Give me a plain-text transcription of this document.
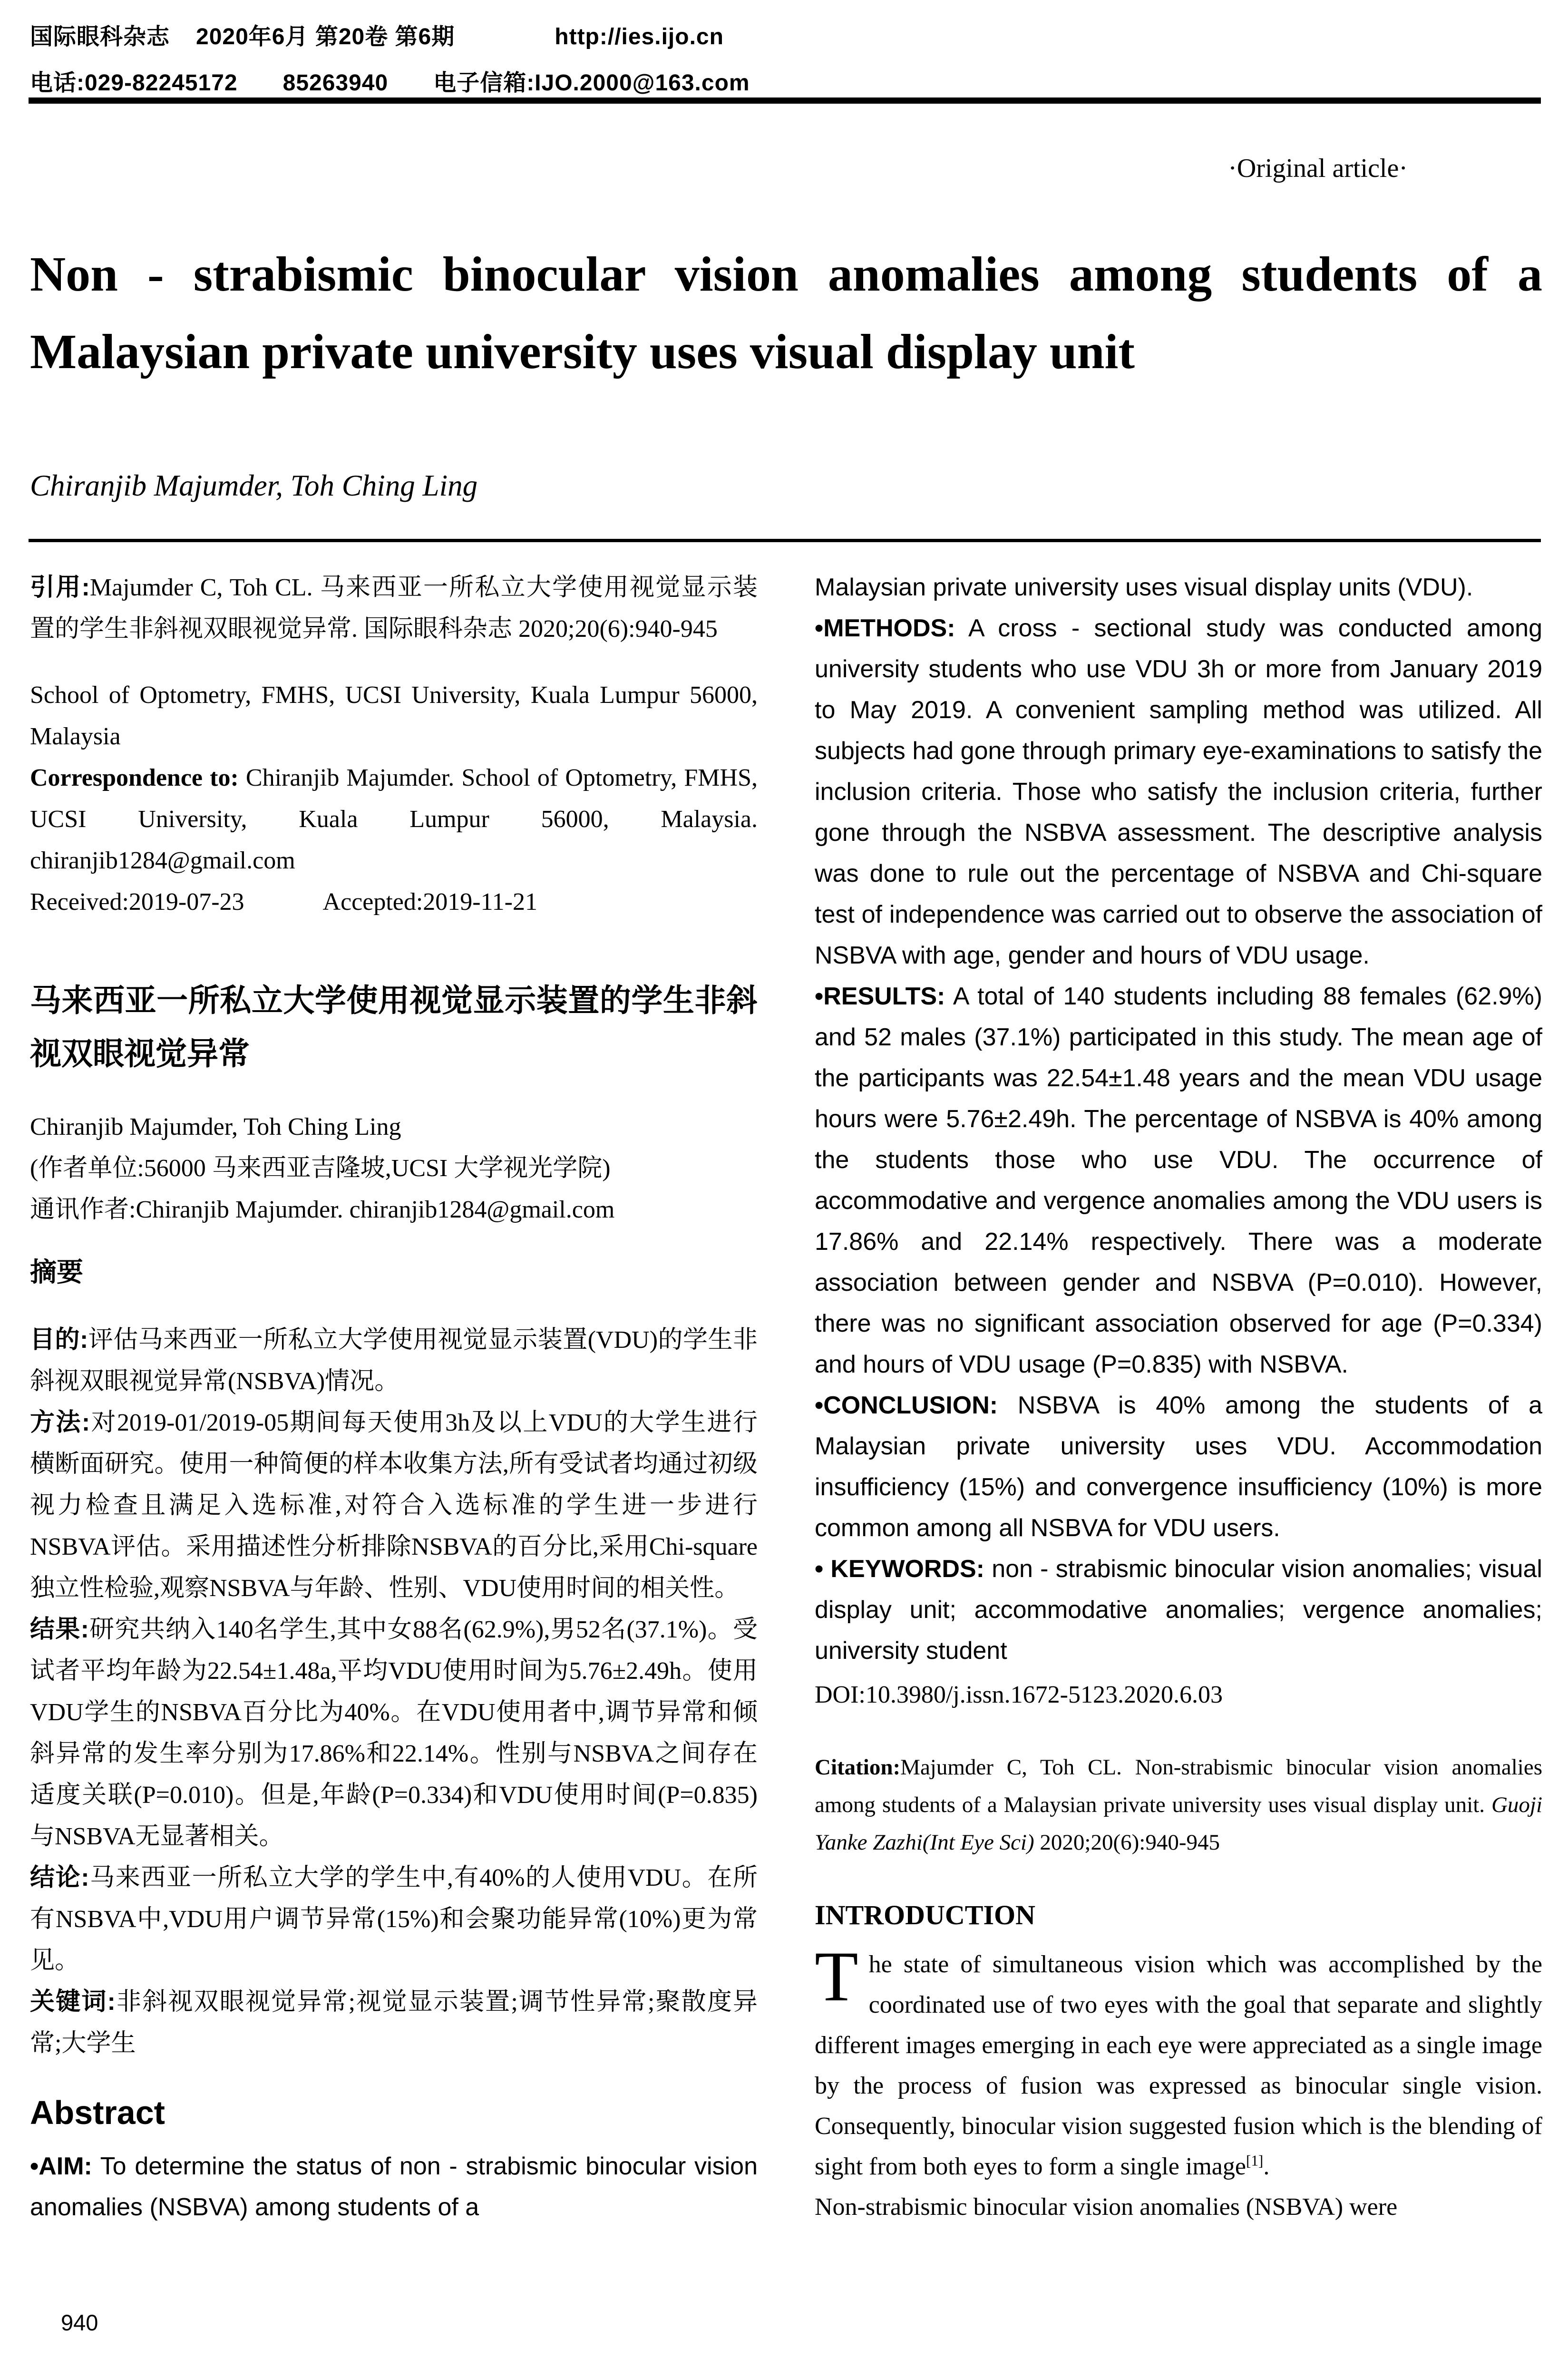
国际眼科杂志 2020年6月 第20卷 第6期	http://ies.ijo.cn
电话:029-82245172 85263940 电子信箱:IJO.2000@163.com
·Original article·
Non - strabismic binocular vision anomalies among students of a Malaysian private university uses visual display unit
Chiranjib Majumder, Toh Ching Ling

引用:Majumder C, Toh CL. 马来西亚一所私立大学使用视觉显示装置的学生非斜视双眼视觉异常. 国际眼科杂志 2020;20(6):940-945

School of Optometry, FMHS, UCSI University, Kuala Lumpur 56000, Malaysia

Correspondence to: Chiranjib Majumder. School of Optometry, FMHS, UCSI University, Kuala Lumpur 56000, Malaysia. chiranjib1284@gmail.com

Received:2019-07-23	Accepted:2019-11-21

马来西亚一所私立大学使用视觉显示装置的学生非斜视双眼视觉异常

Chiranjib Majumder, Toh Ching Ling

(作者单位:56000 马来西亚吉隆坡,UCSI 大学视光学院)

通讯作者:Chiranjib Majumder. chiranjib1284@gmail.com

摘要

目的:评估马来西亚一所私立大学使用视觉显示装置(VDU)的学生非斜视双眼视觉异常(NSBVA)情况。

方法:对2019-01/2019-05期间每天使用3h及以上VDU的大学生进行横断面研究。使用一种简便的样本收集方法,所有受试者均通过初级视力检查且满足入选标准,对符合入选标准的学生进一步进行NSBVA评估。采用描述性分析排除NSBVA的百分比,采用Chi-square独立性检验,观察NSBVA与年龄、性别、VDU使用时间的相关性。

结果:研究共纳入140名学生,其中女88名(62.9%),男52名(37.1%)。受试者平均年龄为22.54±1.48a,平均VDU使用时间为5.76±2.49h。使用VDU学生的NSBVA百分比为40%。在VDU使用者中,调节异常和倾斜异常的发生率分别为17.86%和22.14%。性别与NSBVA之间存在适度关联(P=0.010)。但是,年龄(P=0.334)和VDU使用时间(P=0.835)与NSBVA无显著相关。

结论:马来西亚一所私立大学的学生中,有40%的人使用VDU。在所有NSBVA中,VDU用户调节异常(15%)和会聚功能异常(10%)更为常见。

关键词:非斜视双眼视觉异常;视觉显示装置;调节性异常;聚散度异常;大学生

Abstract

•AIM: To determine the status of non - strabismic binocular vision anomalies (NSBVA) among students of a

Malaysian private university uses visual display units (VDU).

•METHODS: A cross - sectional study was conducted among university students who use VDU 3h or more from January 2019 to May 2019. A convenient sampling method was utilized. All subjects had gone through primary eye-examinations to satisfy the inclusion criteria. Those who satisfy the inclusion criteria, further gone through the NSBVA assessment. The descriptive analysis was done to rule out the percentage of NSBVA and Chi-square test of independence was carried out to observe the association of NSBVA with age, gender and hours of VDU usage.

•RESULTS: A total of 140 students including 88 females (62.9%) and 52 males (37.1%) participated in this study. The mean age of the participants was 22.54±1.48 years and the mean VDU usage hours were 5.76±2.49h. The percentage of NSBVA is 40% among the students those who use VDU. The occurrence of accommodative and vergence anomalies among the VDU users is 17.86% and 22.14% respectively. There was a moderate association between gender and NSBVA (P=0.010). However, there was no significant association observed for age (P=0.334) and hours of VDU usage (P=0.835) with NSBVA.

•CONCLUSION: NSBVA is 40% among the students of a Malaysian private university uses VDU. Accommodation insufficiency (15%) and convergence insufficiency (10%) is more common among all NSBVA for VDU users.

• KEYWORDS: non - strabismic binocular vision anomalies; visual display unit; accommodative anomalies; vergence anomalies; university student

DOI:10.3980/j.issn.1672-5123.2020.6.03

Citation:Majumder C, Toh CL. Non-strabismic binocular vision anomalies among students of a Malaysian private university uses visual display unit. Guoji Yanke Zazhi(Int Eye Sci) 2020;20(6):940-945

INTRODUCTION

The state of simultaneous vision which was accomplished by the coordinated use of two eyes with the goal that separate and slightly different images emerging in each eye were appreciated as a single image by the process of fusion was expressed as binocular single vision. Consequently, binocular vision suggested fusion which is the blending of sight from both eyes to form a single image[1].

Non-strabismic binocular vision anomalies (NSBVA) were

940
